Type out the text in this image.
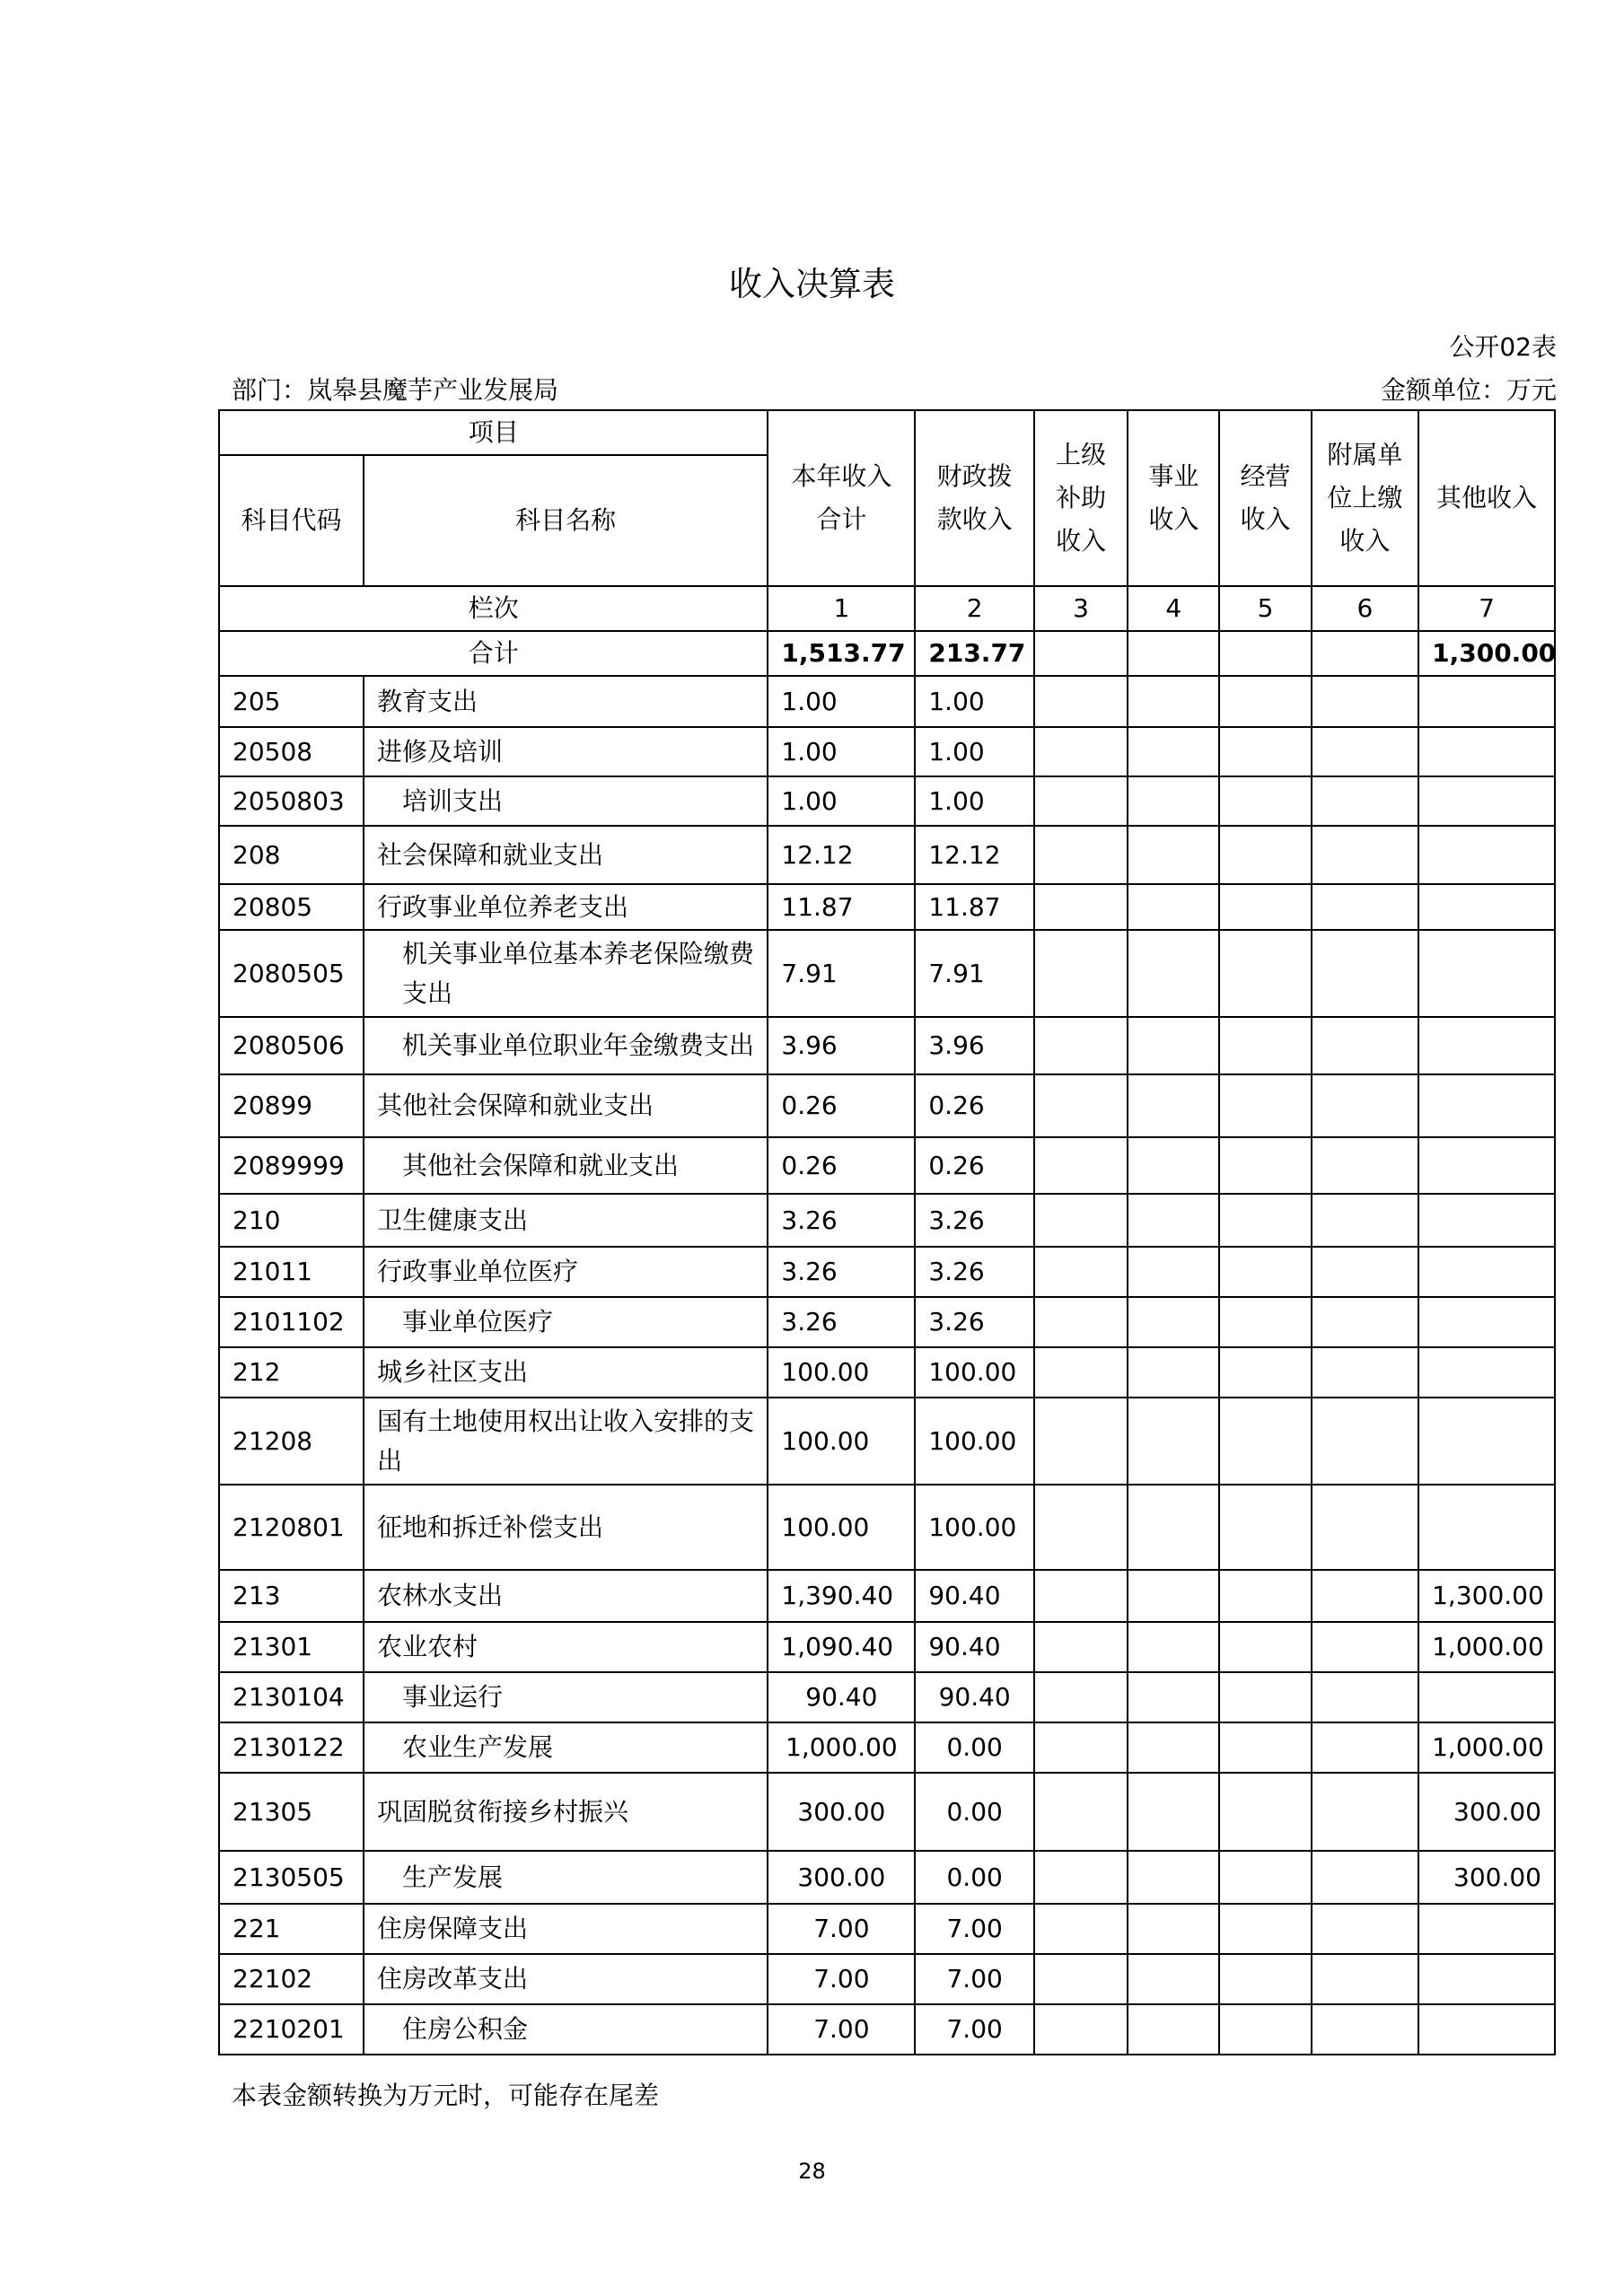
收入决算表
公开02表
部门：岚皋县魔芋产业发展局	金额单位：万元
项目		本年收入合计	财政拨款收入	上级补助收入	事业收入	经营收入	附属单位上缴收入	其他收入
科目代码	科目名称							
栏次		1	2	3	4	5	6	7
合计		1,513.77	213.77					1,300.00
205	教育支出	1.00	1.00					
20508	进修及培训	1.00	1.00					
2050803	培训支出	1.00	1.00					
208	社会保障和就业支出	12.12	12.12					
20805	行政事业单位养老支出	11.87	11.87					
2080505	机关事业单位基本养老保险缴费支出	7.91	7.91					
2080506	机关事业单位职业年金缴费支出	3.96	3.96					
20899	其他社会保障和就业支出	0.26	0.26					
2089999	其他社会保障和就业支出	0.26	0.26					
210	卫生健康支出	3.26	3.26					
21011	行政事业单位医疗	3.26	3.26					
2101102	事业单位医疗	3.26	3.26					
212	城乡社区支出	100.00	100.00					
21208	国有土地使用权出让收入安排的支出	100.00	100.00					
2120801	征地和拆迁补偿支出	100.00	100.00					
213	农林水支出	1,390.40	90.40					1,300.00
21301	农业农村	1,090.40	90.40					1,000.00
2130104	事业运行	90.40	90.40					
2130122	农业生产发展	1,000.00	0.00					1,000.00
21305	巩固脱贫衔接乡村振兴	300.00	0.00					300.00
2130505	生产发展	300.00	0.00					300.00
221	住房保障支出	7.00	7.00					
22102	住房改革支出	7.00	7.00					
2210201	住房公积金	7.00	7.00					
本表金额转换为万元时，可能存在尾差
28
